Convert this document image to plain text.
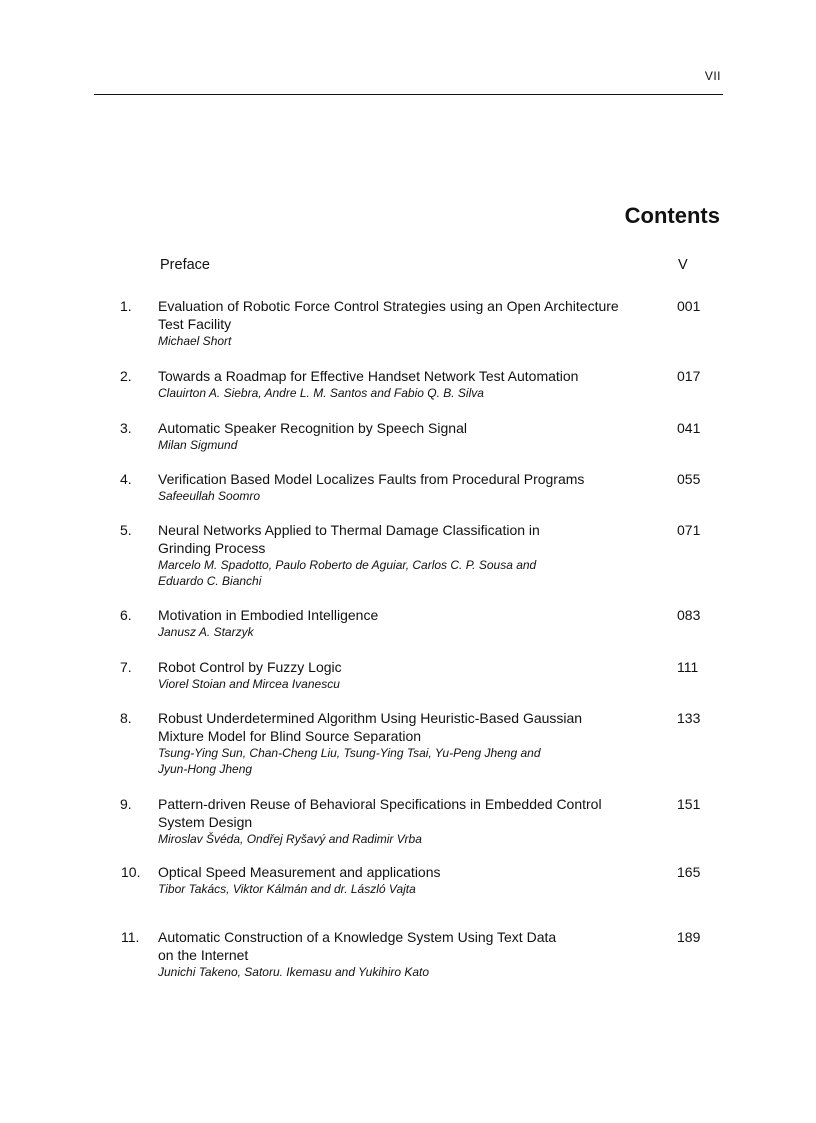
VII
Contents
Preface	V
1. Evaluation of Robotic Force Control Strategies using an Open Architecture

Test Facility

Michael Short

001
2. Towards a Roadmap for Effective Handset Network Test Automation

Clauirton A. Siebra, Andre L. M. Santos and Fabio Q. B. Silva

017
3. Automatic Speaker Recognition by Speech Signal

Milan Sigmund

041
4. Verification Based Model Localizes Faults from Procedural Programs

Safeeullah Soomro

055
5. Neural Networks Applied to Thermal Damage Classification in

Grinding Process

Marcelo M. Spadotto, Paulo Roberto de Aguiar, Carlos C. P. Sousa and

Eduardo C. Bianchi

071
6. Motivation in Embodied Intelligence

Janusz A. Starzyk

083
7. Robot Control by Fuzzy Logic

Viorel Stoian and Mircea Ivanescu

111
8. Robust Underdetermined Algorithm Using Heuristic-Based Gaussian

Mixture Model for Blind Source Separation

Tsung-Ying Sun, Chan-Cheng Liu, Tsung-Ying Tsai, Yu-Peng Jheng and

Jyun-Hong Jheng

133
9. Pattern-driven Reuse of Behavioral Specifications in Embedded Control

System Design

Miroslav Švéda, Ondřej Ryšavý and Radimir Vrba

151
10. Optical Speed Measurement and applications

Tibor Takács, Viktor Kálmán and dr. László Vajta

165
11. Automatic Construction of a Knowledge System Using Text Data

on the Internet

Junichi Takeno, Satoru. Ikemasu and Yukihiro Kato

189
